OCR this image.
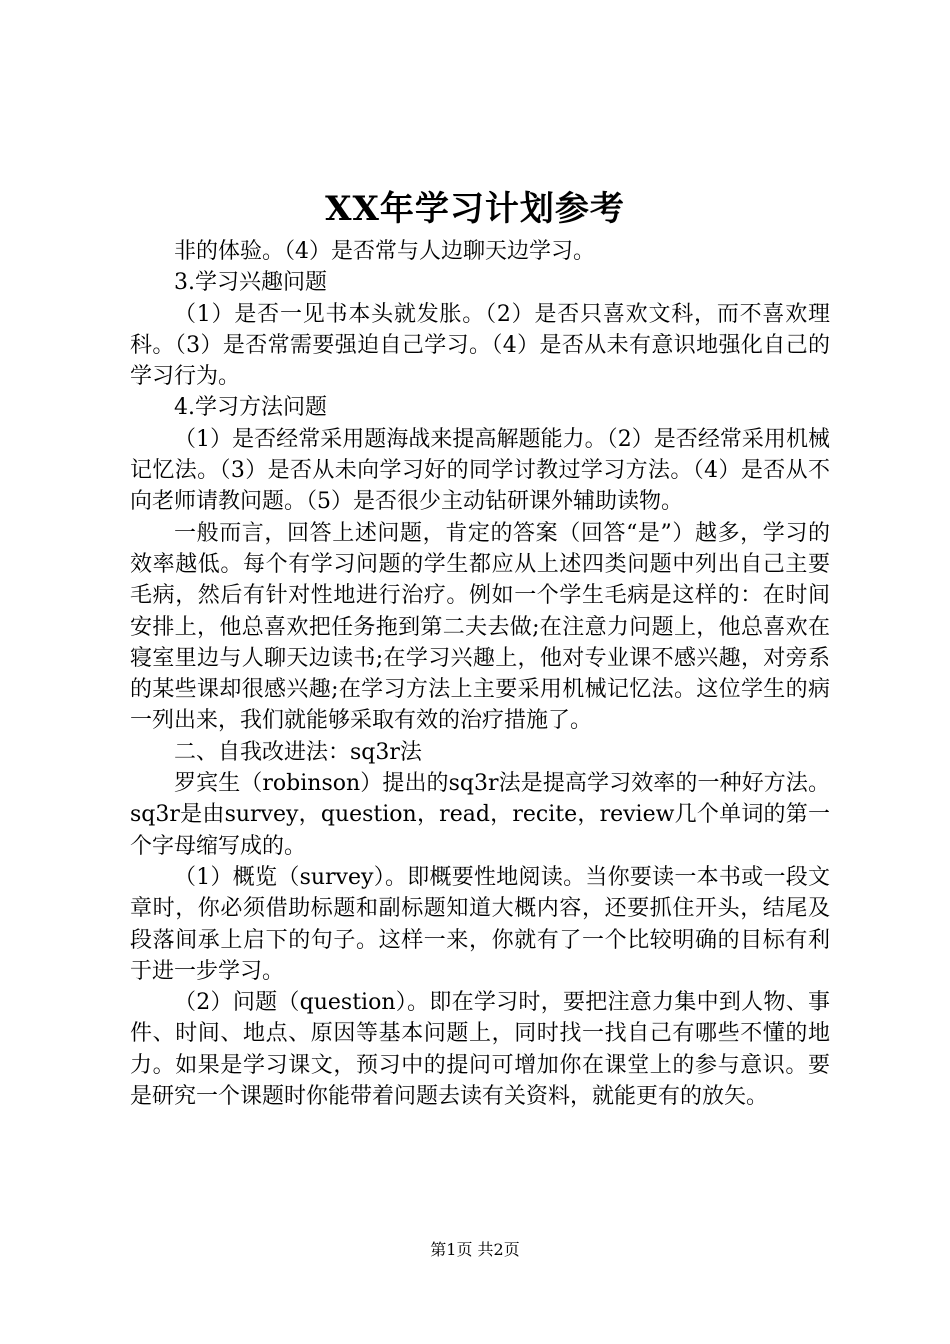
XX年学习计划参考

非的体验。（4）是否常与人边聊天边学习。

3.学习兴趣问题

（1）是否一见书本头就发胀。（2）是否只喜欢文科，而不喜欢理科。（3）是否常需要强迫自己学习。（4）是否从未有意识地强化自己的学习行为。

4.学习方法问题

（1）是否经常采用题海战来提高解题能力。（2）是否经常采用机械记忆法。（3）是否从未向学习好的同学讨教过学习方法。（4）是否从不向老师请教问题。（5）是否很少主动钻研课外辅助读物。

一般而言，回答上述问题，肯定的答案（回答“是”）越多，学习的效率越低。每个有学习问题的学生都应从上述四类问题中列出自己主要毛病，然后有针对性地进行治疗。例如一个学生毛病是这样的：在时间安排上，他总喜欢把任务拖到第二夫去做;在注意力问题上，他总喜欢在寝室里边与人聊天边读书;在学习兴趣上，他对专业课不感兴趣，对旁系的某些课却很感兴趣;在学习方法上主要采用机械记忆法。这位学生的病一列出来，我们就能够采取有效的治疗措施了。

二、自我改进法：sq3r法

罗宾生（robinson）提出的sq3r法是提高学习效率的一种好方法。sq3r是由survey，question，read，recite，review几个单词的第一个字母缩写成的。

（1）概览（survey）。即概要性地阅读。当你要读一本书或一段文章时，你必须借助标题和副标题知道大概内容，还要抓住开头，结尾及段落间承上启下的句子。这样一来，你就有了一个比较明确的目标有利于进一步学习。

（2）问题（question）。即在学习时，要把注意力集中到人物、事件、时间、地点、原因等基本问题上，同时找一找自己有哪些不懂的地力。如果是学习课文，预习中的提问可增加你在课堂上的参与意识。要是研究一个课题时你能带着问题去读有关资料，就能更有的放矢。

第1页 共2页
